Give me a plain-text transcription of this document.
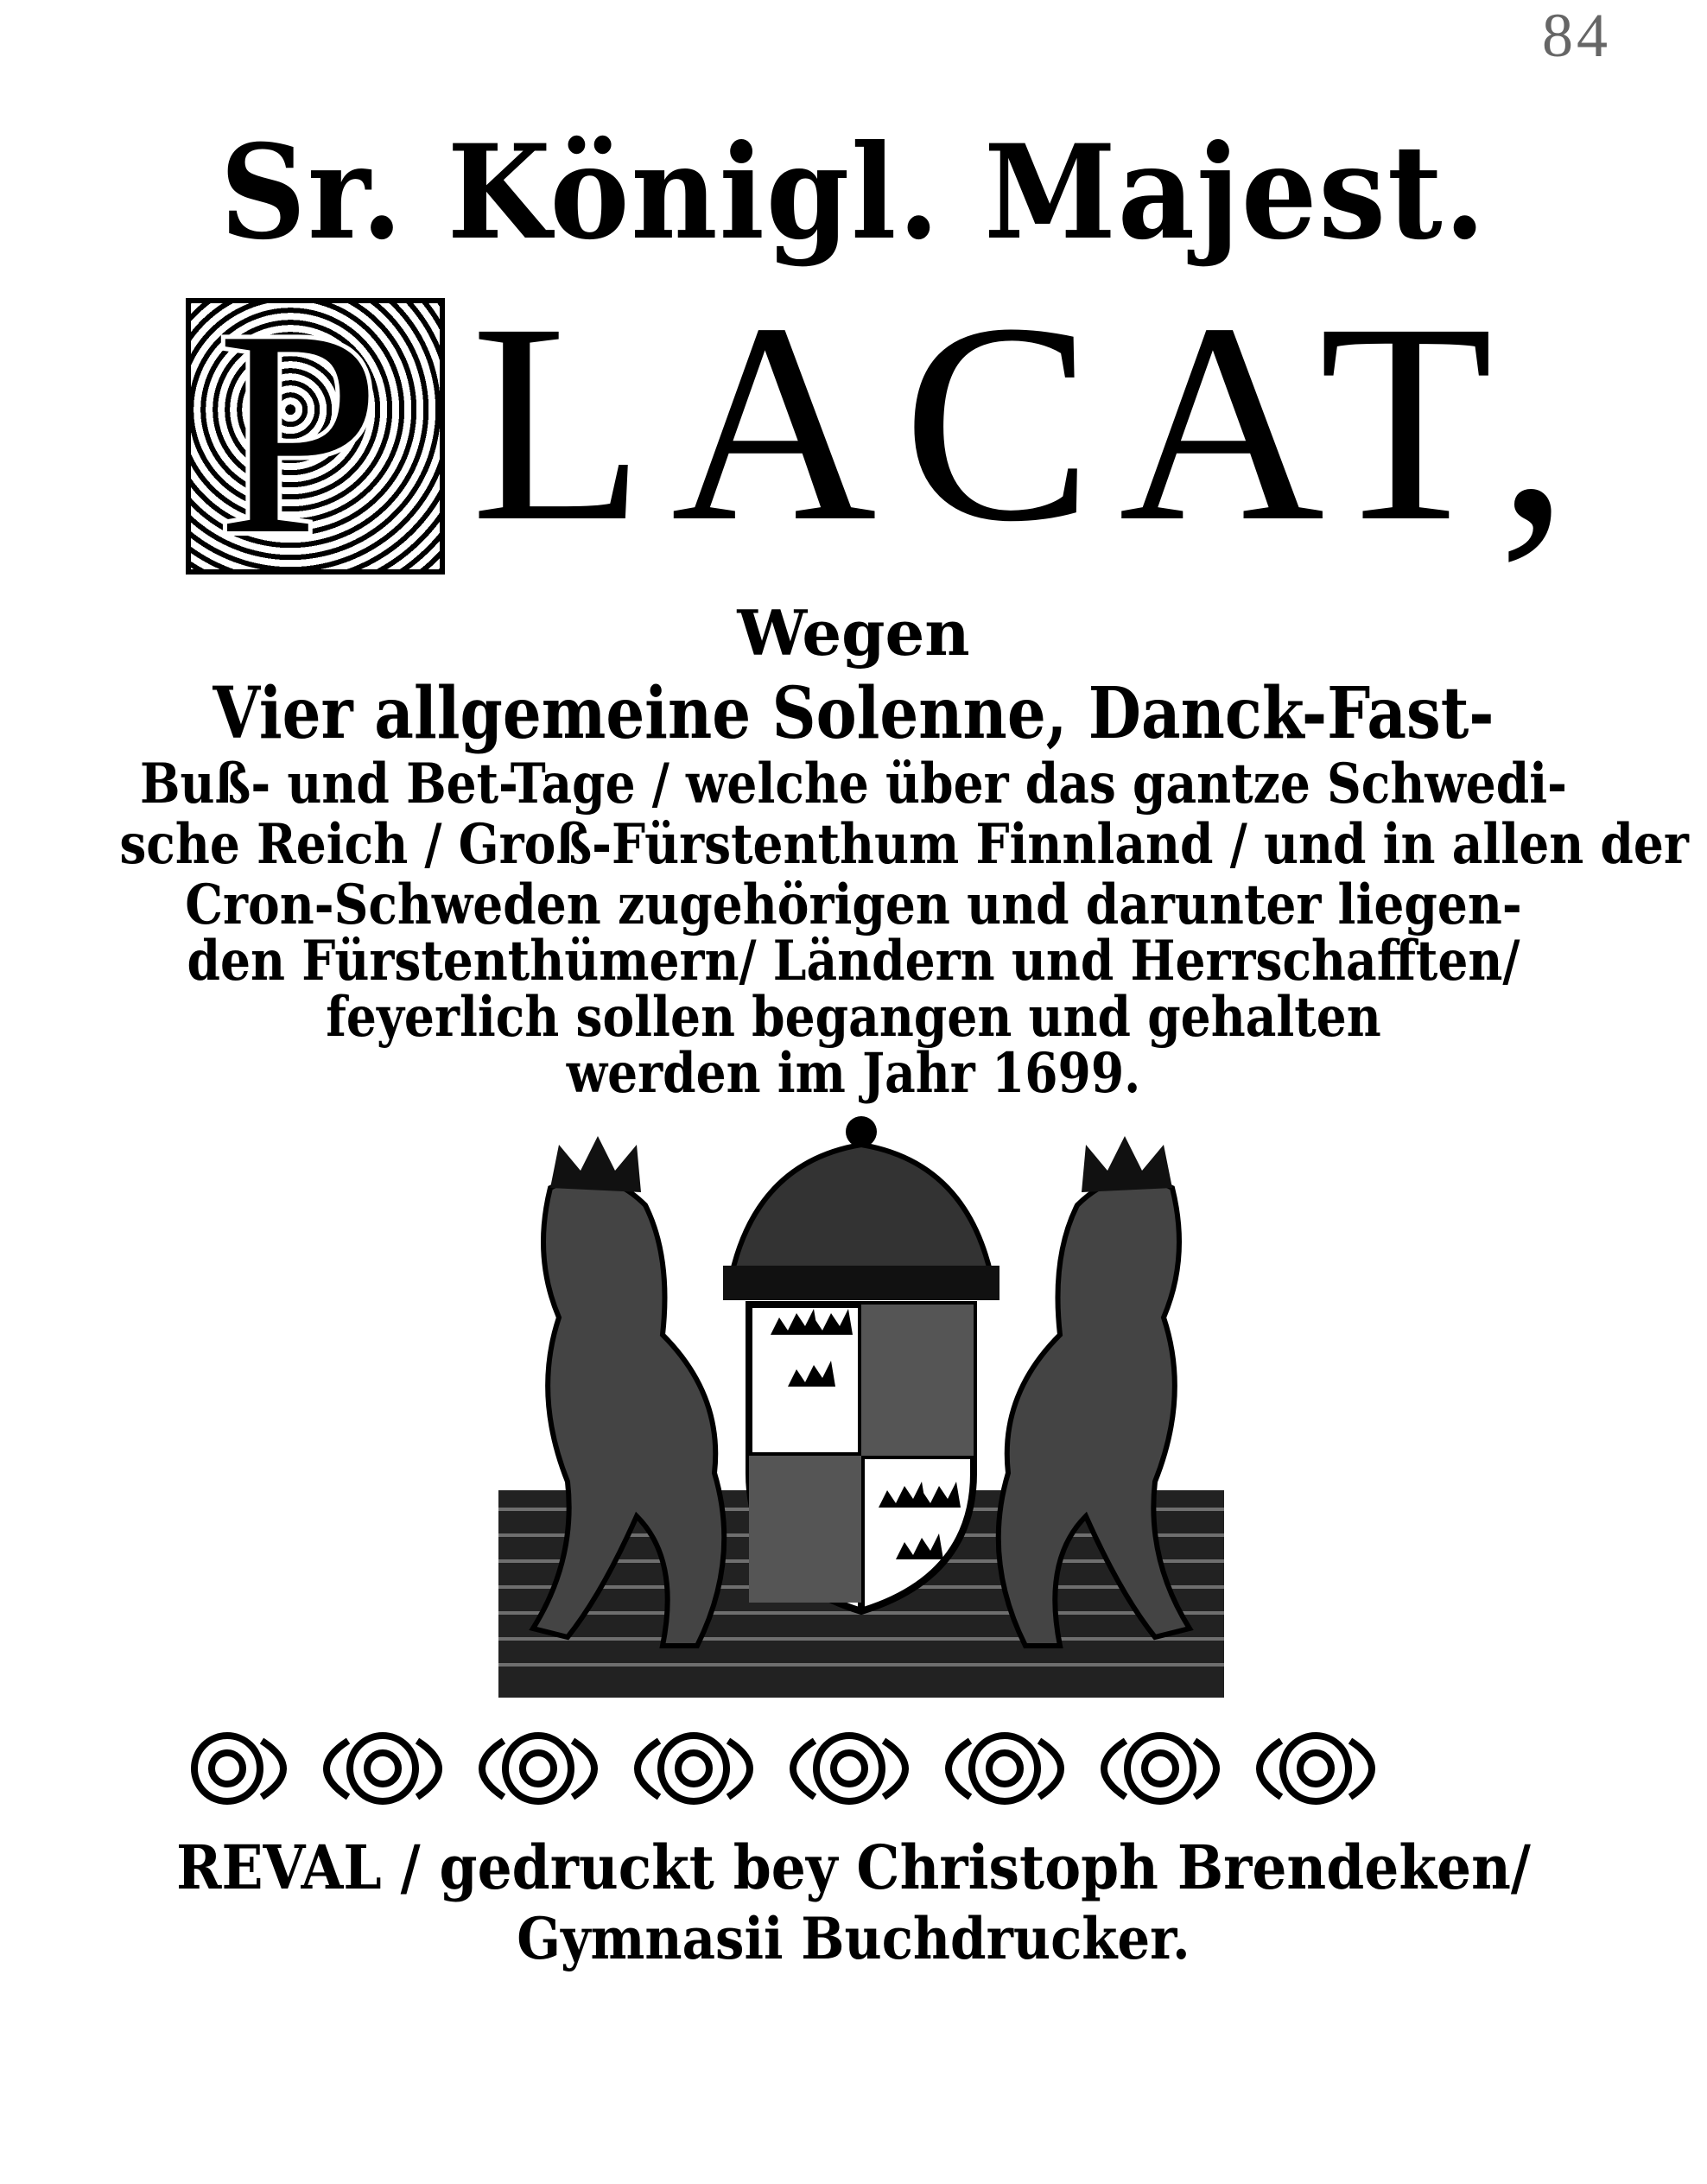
84
Sr. Königl. Majest.
P LACAT,
Wegen
Vier allgemeine Solenne, Danck-Fast-
Buß- und Bet-Tage / welche über das gantze Schwedi-
sche Reich / Groß-Fürstenthum Finnland / und in allen der
Cron-Schweden zugehörigen und darunter liegen-
den Fürstenthümern/ Ländern und Herrschafften/
feyerlich sollen begangen und gehalten
werden im Jahr 1699.
REVAL / gedruckt bey Christoph Brendeken/
Gymnasii Buchdrucker.
